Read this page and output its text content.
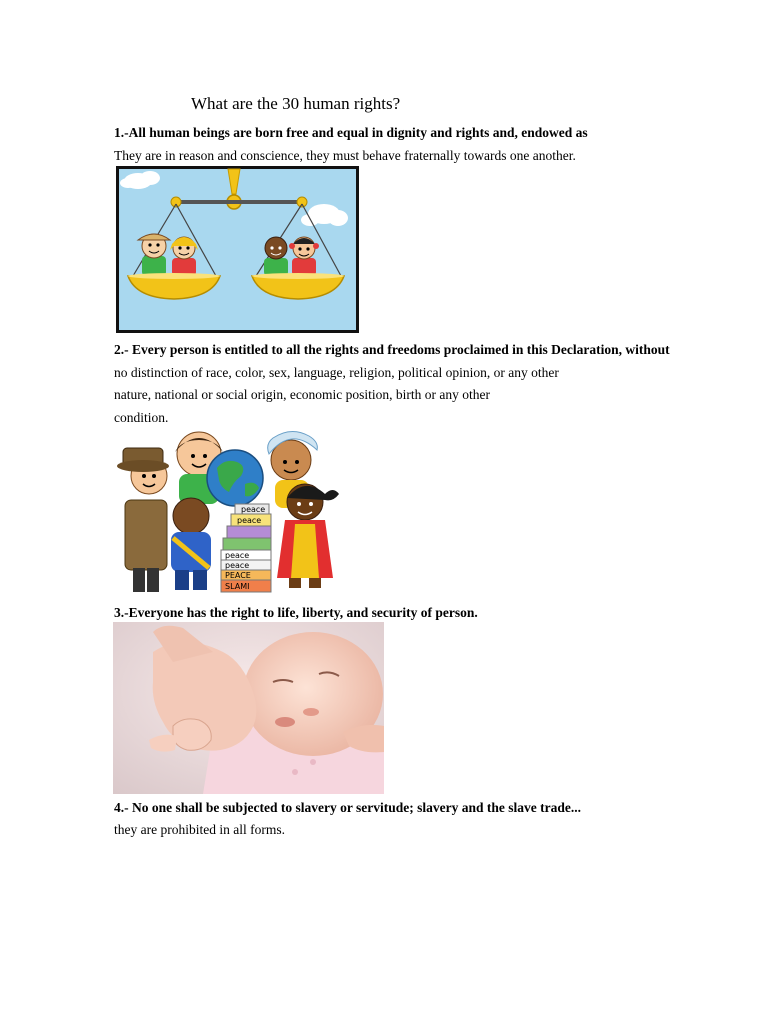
What are the 30 human rights?
1.-All human beings are born free and equal in dignity and rights and, endowed as
They are in reason and conscience, they must behave fraternally towards one another.
2.- Every person is entitled to all the rights and freedoms proclaimed in this Declaration, without
no distinction of race, color, sex, language, religion, political opinion, or any other
nature, national or social origin, economic position, birth or any other
condition.
peace
peace
peace
peace
PEACE
SLAMI
3.-Everyone has the right to life, liberty, and security of person.
4.- No one shall be subjected to slavery or servitude; slavery and the slave trade...
they are prohibited in all forms.
